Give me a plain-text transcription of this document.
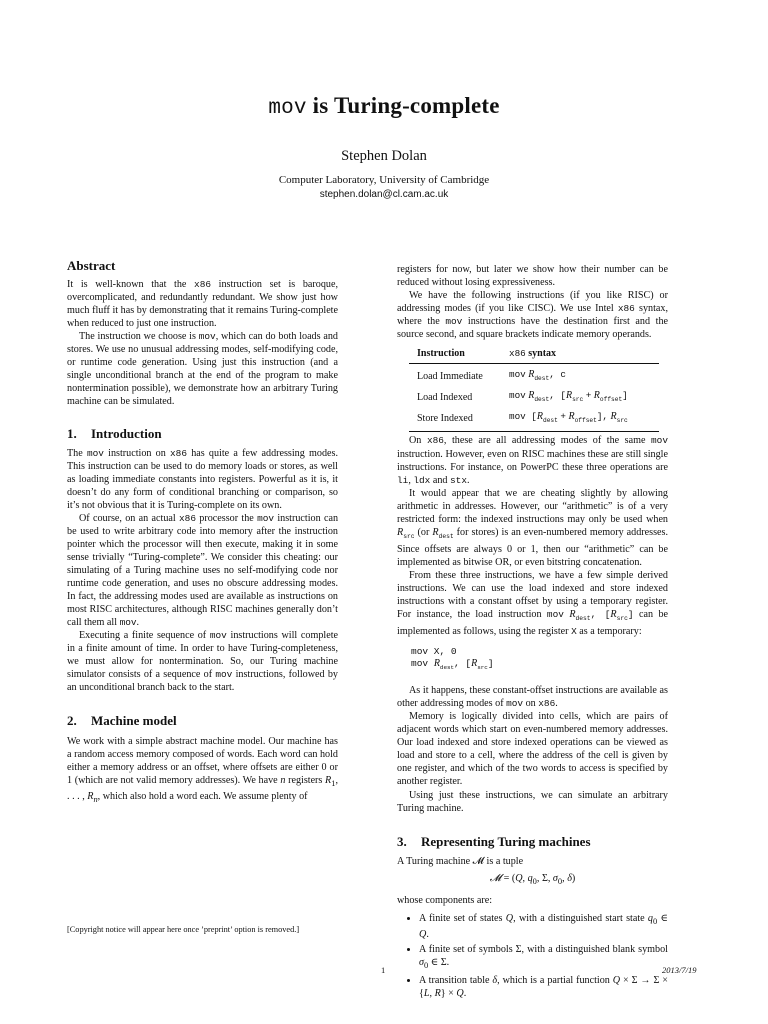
mov is Turing-complete
Stephen Dolan
Computer Laboratory, University of Cambridge
stephen.dolan@cl.cam.ac.uk
Abstract

It is well-known that the x86 instruction set is baroque, overcomplicated, and redundantly redundant. We show just how much fluff it has by demonstrating that it remains Turing-complete when reduced to just one instruction.

The instruction we choose is mov, which can do both loads and stores. We use no unusual addressing modes, self-modifying code, or runtime code generation. Using just this instruction (and a single unconditional branch at the end of the program to make nontermination possible), we demonstrate how an arbitrary Turing machine can be simulated.

1. Introduction

The mov instruction on x86 has quite a few addressing modes. This instruction can be used to do memory loads or stores, as well as loading immediate constants into registers. Powerful as it is, it doesn’t do any form of conditional branching or comparison, so it’s not obvious that it is Turing-complete on its own.

Of course, on an actual x86 processor the mov instruction can be used to write arbitrary code into memory after the instruction pointer which the processor will then execute, making it in some sense trivially “Turing-complete”. We consider this cheating: our simulating of a Turing machine uses no self-modifying code nor runtime code generation, and uses no obscure addressing modes. In fact, the addressing modes used are available as instructions on most RISC architectures, although RISC machines generally don’t call them all mov.

Executing a finite sequence of mov instructions will complete in a finite amount of time. In order to have Turing-completeness, we must allow for nontermination. So, our Turing machine simulator consists of a sequence of mov instructions, followed by an unconditional branch back to the start.

2. Machine model

We work with a simple abstract machine model. Our machine has a random access memory composed of words. Each word can hold either a memory address or an offset, where offsets are either 0 or 1 (which are not valid memory addresses). We have n registers $R_1$, . . . , $R_n$, which also hold a word each. We assume plenty of

registers for now, but later we show how their number can be reduced without losing expressiveness.

We have the following instructions (if you like RISC) or addressing modes (if you like CISC). We use Intel x86 syntax, where the mov instructions have the destination first and the source second, and square brackets indicate memory operands.

Instruction	x86 syntax
Load Immediate	mov $R_{dest}$, c
Load Indexed	mov $R_{dest}$, $[R_{src} + R_{offset}]$
Store Indexed	mov $[R_{dest} + R_{offset}]$, $R_{src}$

On x86, these are all addressing modes of the same mov instruction. However, even on RISC machines these are still single instructions. For instance, on PowerPC these three operations are li, ldx and stx.

It would appear that we are cheating slightly by allowing arithmetic in addresses. However, our “arithmetic” is of a very restricted form: the indexed instructions may only be used when $R_{src}$ (or $R_{dest}$ for stores) is an even-numbered memory addresses. Since offsets are always 0 or 1, then our “arithmetic” can be implemented as bitwise OR, or even bitstring concatenation.

From these three instructions, we have a few simple derived instructions. We can use the load indexed and store indexed instructions with a constant offset by using a temporary register. For instance, the load instruction mov $R_{dest}$, $[R_{src}]$ can be implemented as follows, using the register X as a temporary:

mov X, 0
mov $R_{dest}$, $[R_{src}]$

As it happens, these constant-offset instructions are available as other addressing modes of mov on x86.

Memory is logically divided into cells, which are pairs of adjacent words which start on even-numbered memory addresses. Our load indexed and store indexed operations can be viewed as load and store to a cell, where the address of the cell is given by one register, and which of the two words to access is specified by another register.

Using just these instructions, we can simulate an arbitrary Turing machine.

3. Representing Turing machines

A Turing machine 𝓜 is a tuple

𝓜 = (Q, $q_0$, Σ, $\sigma_0$, δ)

whose components are:

• A finite set of states Q, with a distinguished start state $q_0$ ∈ Q.
• A finite set of symbols Σ, with a distinguished blank symbol $\sigma_0$ ∈ Σ.
• A transition table δ, which is a partial function Q × Σ → Σ × {L, R} × Q.
[Copyright notice will appear here once ’preprint’ option is removed.]
1	2013/7/19
